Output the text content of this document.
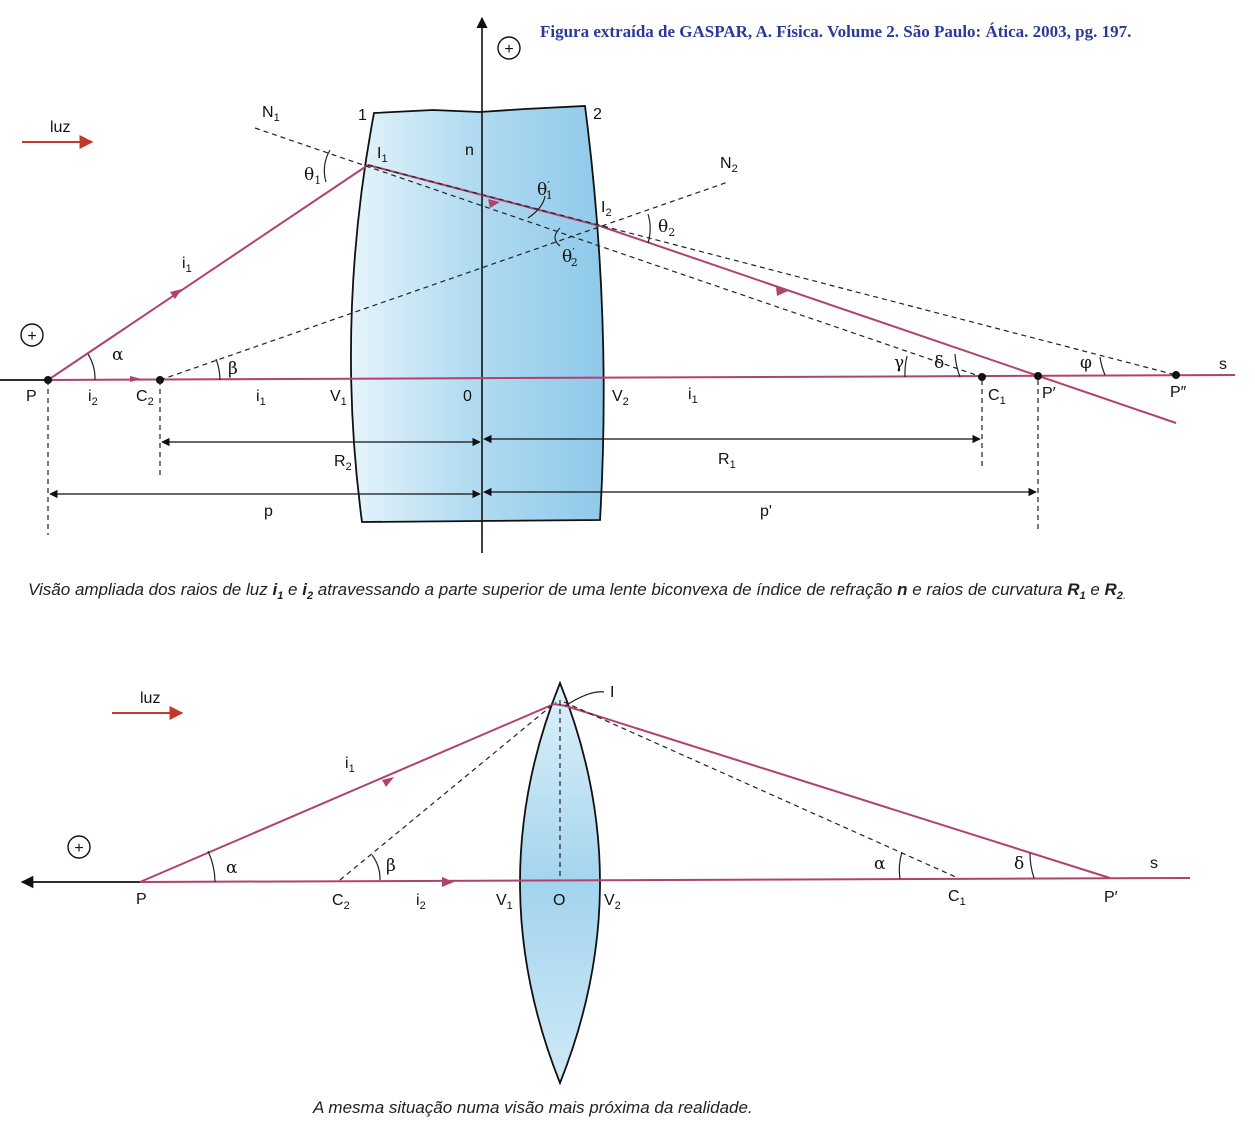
Figura extraída de GASPAR, A. Física. Volume 2. São Paulo: Ática. 2003, pg. 197.
+
+
luz
$N_1$
$N_2$
1	2
n
$I_1$
$I_2$
$\theta_1$
$\theta_2$
θ′ 1
θ′ 2
$i_1$
α
β	γ δ	φ
P	$i_2$ $C_2$	$i_1$	$V_1$	0	$V_2$	$i_1$	$C_1$ P′	P″
s
$R_2$	$R_1$
p	p'
Visão ampliada dos raios de luz $i_1$ e $i_2$ atravessando a parte superior de uma lente biconvexa de índice de refração n e raios de curvatura $R_1$ e $R_2$.
luz
+
I
$i_1$
α	β	α	δ
P	$C_2$	$i_2$	$V_1$	O $V_2$
$C_1$	P′
s
A mesma situação numa visão mais próxima da realidade.
